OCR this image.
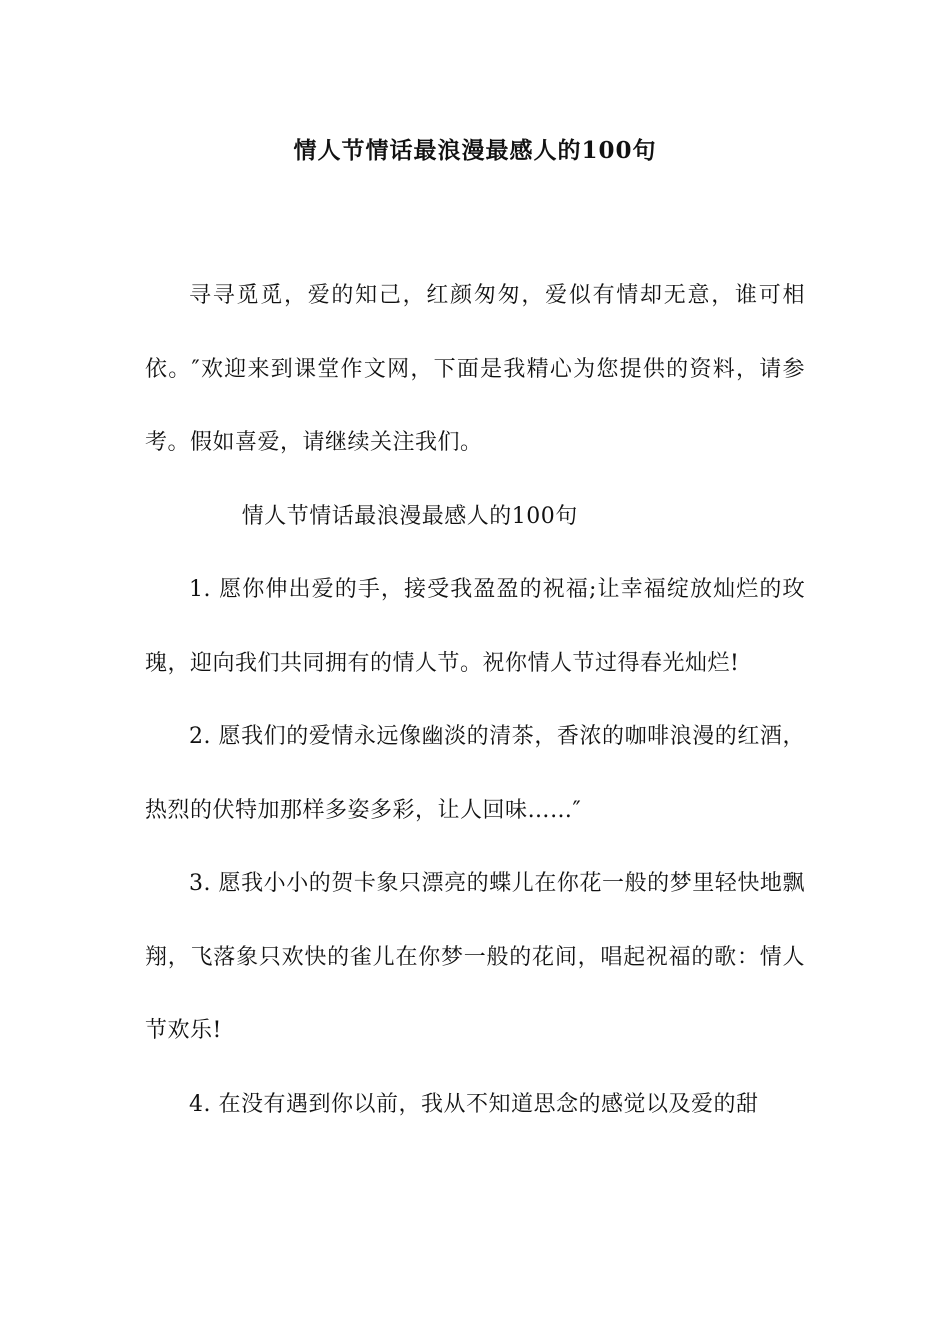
情人节情话最浪漫最感人的100句

寻寻觅觅，爱的知己，红颜匆匆，爱似有情却无意，谁可相依。″欢迎来到课堂作文网，下面是我精心为您提供的资料，请参考。假如喜爱，请继续关注我们。

情人节情话最浪漫最感人的100句

1. 愿你伸出爱的手，接受我盈盈的祝福;让幸福绽放灿烂的玫瑰，迎向我们共同拥有的情人节。祝你情人节过得春光灿烂!

2. 愿我们的爱情永远像幽淡的清茶，香浓的咖啡浪漫的红酒，热烈的伏特加那样多姿多彩，让人回味……″

3. 愿我小小的贺卡象只漂亮的蝶儿在你花一般的梦里轻快地飘翔，飞落象只欢快的雀儿在你梦一般的花间，唱起祝福的歌：情人节欢乐!

4. 在没有遇到你以前，我从不知道思念的感觉以及爱的甜
